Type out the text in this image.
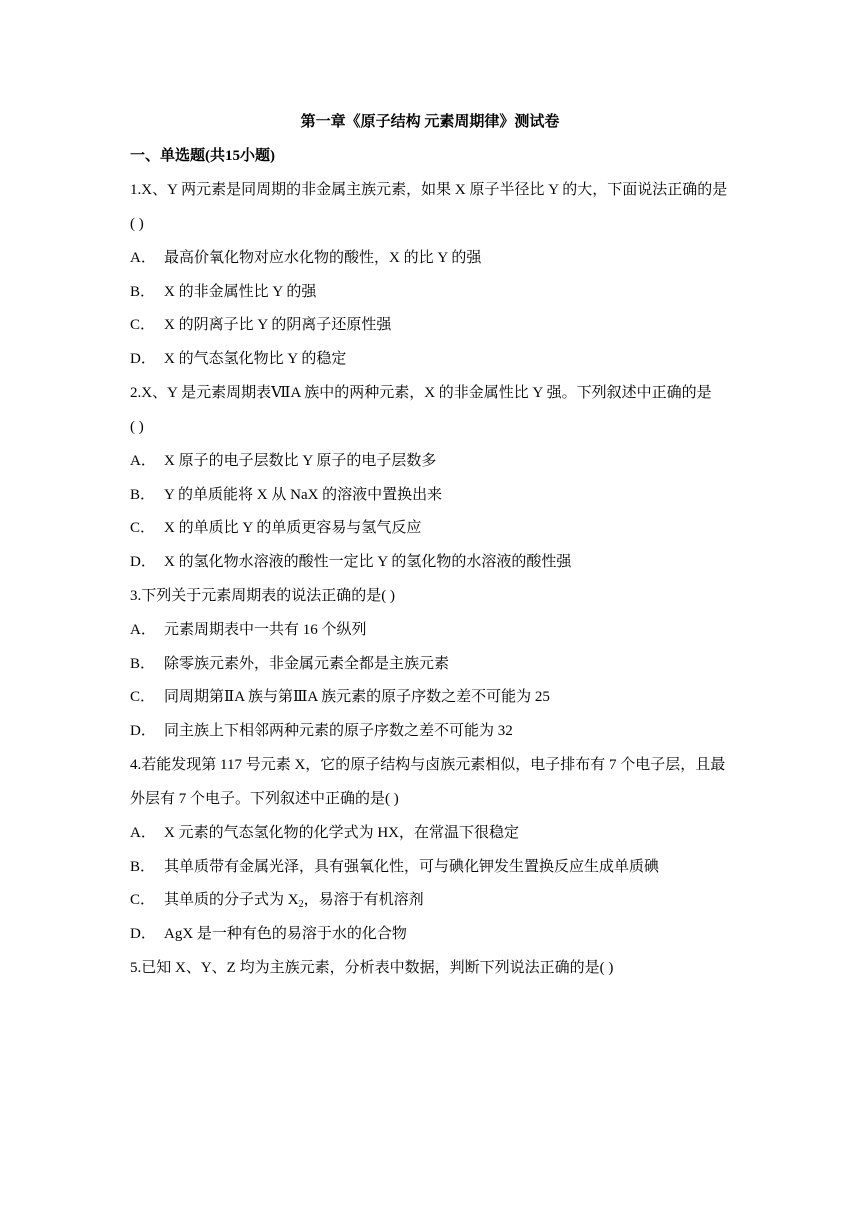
第一章《原子结构 元素周期律》测试卷
一、单选题(共15小题)
1.X、Y 两元素是同周期的非金属主族元素，如果 X 原子半径比 Y 的大，下面说法正确的是
( )
A． 最高价氧化物对应水化物的酸性，X 的比 Y 的强
B． X 的非金属性比 Y 的强
C． X 的阴离子比 Y 的阴离子还原性强
D． X 的气态氢化物比 Y 的稳定
2.X、Y 是元素周期表ⅦA 族中的两种元素，X 的非金属性比 Y 强。下列叙述中正确的是
( )
A． X 原子的电子层数比 Y 原子的电子层数多
B． Y 的单质能将 X 从 NaX 的溶液中置换出来
C． X 的单质比 Y 的单质更容易与氢气反应
D． X 的氢化物水溶液的酸性一定比 Y 的氢化物的水溶液的酸性强
3.下列关于元素周期表的说法正确的是( )
A． 元素周期表中一共有 16 个纵列
B． 除零族元素外，非金属元素全都是主族元素
C． 同周期第ⅡA 族与第ⅢA 族元素的原子序数之差不可能为 25
D． 同主族上下相邻两种元素的原子序数之差不可能为 32
4.若能发现第 117 号元素 X，它的原子结构与卤族元素相似，电子排布有 7 个电子层，且最
外层有 7 个电子。下列叙述中正确的是( )
A． X 元素的气态氢化物的化学式为 HX，在常温下很稳定
B． 其单质带有金属光泽，具有强氧化性，可与碘化钾发生置换反应生成单质碘
C． 其单质的分子式为 $X_2$，易溶于有机溶剂
D． AgX 是一种有色的易溶于水的化合物
5.已知 X、Y、Z 均为主族元素，分析表中数据，判断下列说法正确的是( )
